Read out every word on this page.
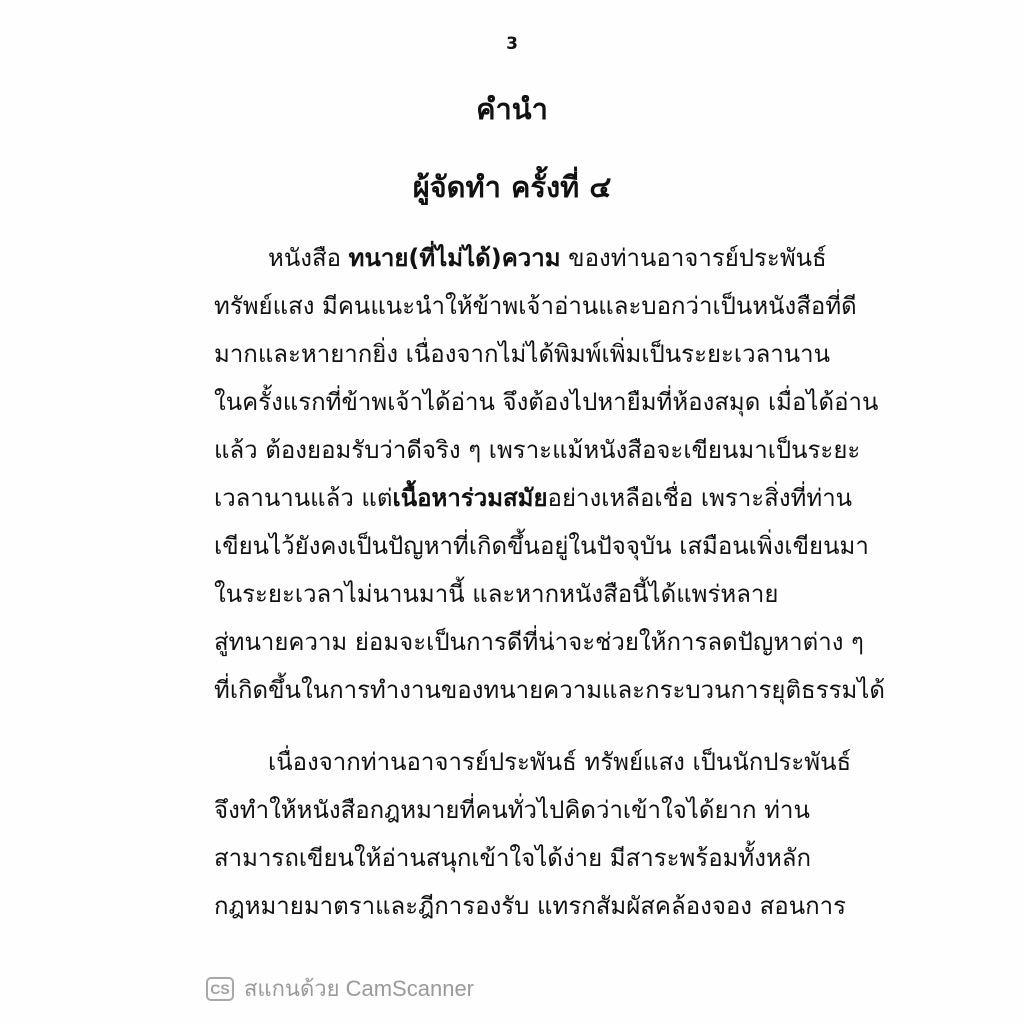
3
คำนำ
ผู้จัดทำ ครั้งที่ ๔
หนังสือ ทนาย(ที่ไม่ได้)ความ ของท่านอาจารย์ประพันธ์
ทรัพย์แสง มีคนแนะนำให้ข้าพเจ้าอ่านและบอกว่าเป็นหนังสือที่ดี
มากและหายากยิ่ง เนื่องจากไม่ได้พิมพ์เพิ่มเป็นระยะเวลานาน
ในครั้งแรกที่ข้าพเจ้าได้อ่าน จึงต้องไปหายืมที่ห้องสมุด เมื่อได้อ่าน
แล้ว ต้องยอมรับว่าดีจริง ๆ เพราะแม้หนังสือจะเขียนมาเป็นระยะ
เวลานานแล้ว แต่เนื้อหาร่วมสมัยอย่างเหลือเชื่อ เพราะสิ่งที่ท่าน
เขียนไว้ยังคงเป็นปัญหาที่เกิดขึ้นอยู่ในปัจจุบัน เสมือนเพิ่งเขียนมา
ในระยะเวลาไม่นานมานี้ และหากหนังสือนี้ได้แพร่หลาย
สู่ทนายความ ย่อมจะเป็นการดีที่น่าจะช่วยให้การลดปัญหาต่าง ๆ
ที่เกิดขึ้นในการทำงานของทนายความและกระบวนการยุติธรรมได้
เนื่องจากท่านอาจารย์ประพันธ์ ทรัพย์แสง เป็นนักประพันธ์
จึงทำให้หนังสือกฎหมายที่คนทั่วไปคิดว่าเข้าใจได้ยาก ท่าน
สามารถเขียนให้อ่านสนุกเข้าใจได้ง่าย มีสาระพร้อมทั้งหลัก
กฎหมายมาตราและฎีการองรับ แทรกสัมผัสคล้องจอง สอนการ
CS สแกนด้วย CamScanner
